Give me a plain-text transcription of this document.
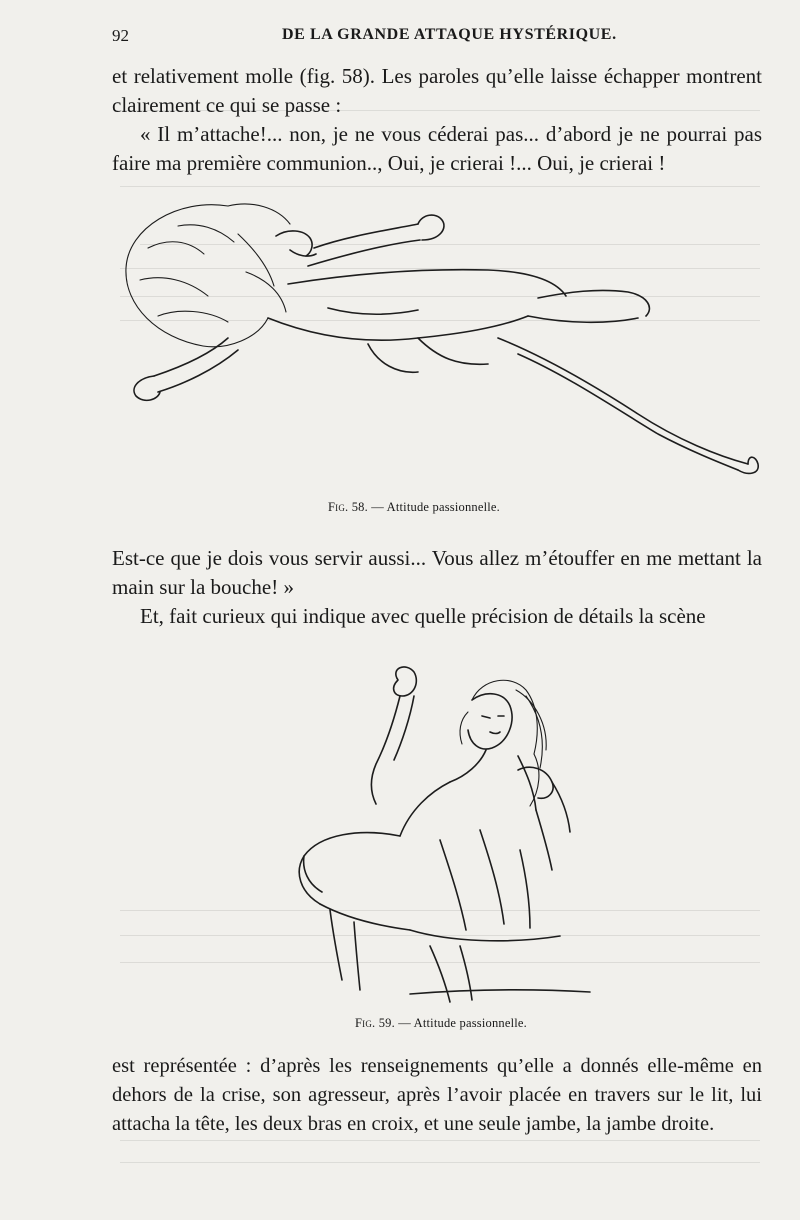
92	DE LA GRANDE ATTAQUE HYSTÉRIQUE.

et relativement molle (fig. 58). Les paroles qu’elle laisse échapper montrent clairement ce qui se passe :

« Il m’attache!... non, je ne vous céderai pas... d’abord je ne pourrai pas faire ma première communion.., Oui, je crierai !... Oui, je crierai !

Fig. 58. — Attitude passionnelle.

Est-ce que je dois vous servir aussi... Vous allez m’étouffer en me mettant la main sur la bouche! »

Et, fait curieux qui indique avec quelle précision de détails la scène

Fig. 59. — Attitude passionnelle.

est représentée : d’après les renseignements qu’elle a donnés elle-même en dehors de la crise, son agresseur, après l’avoir placée en travers sur le lit, lui attacha la tête, les deux bras en croix, et une seule jambe, la jambe droite.
